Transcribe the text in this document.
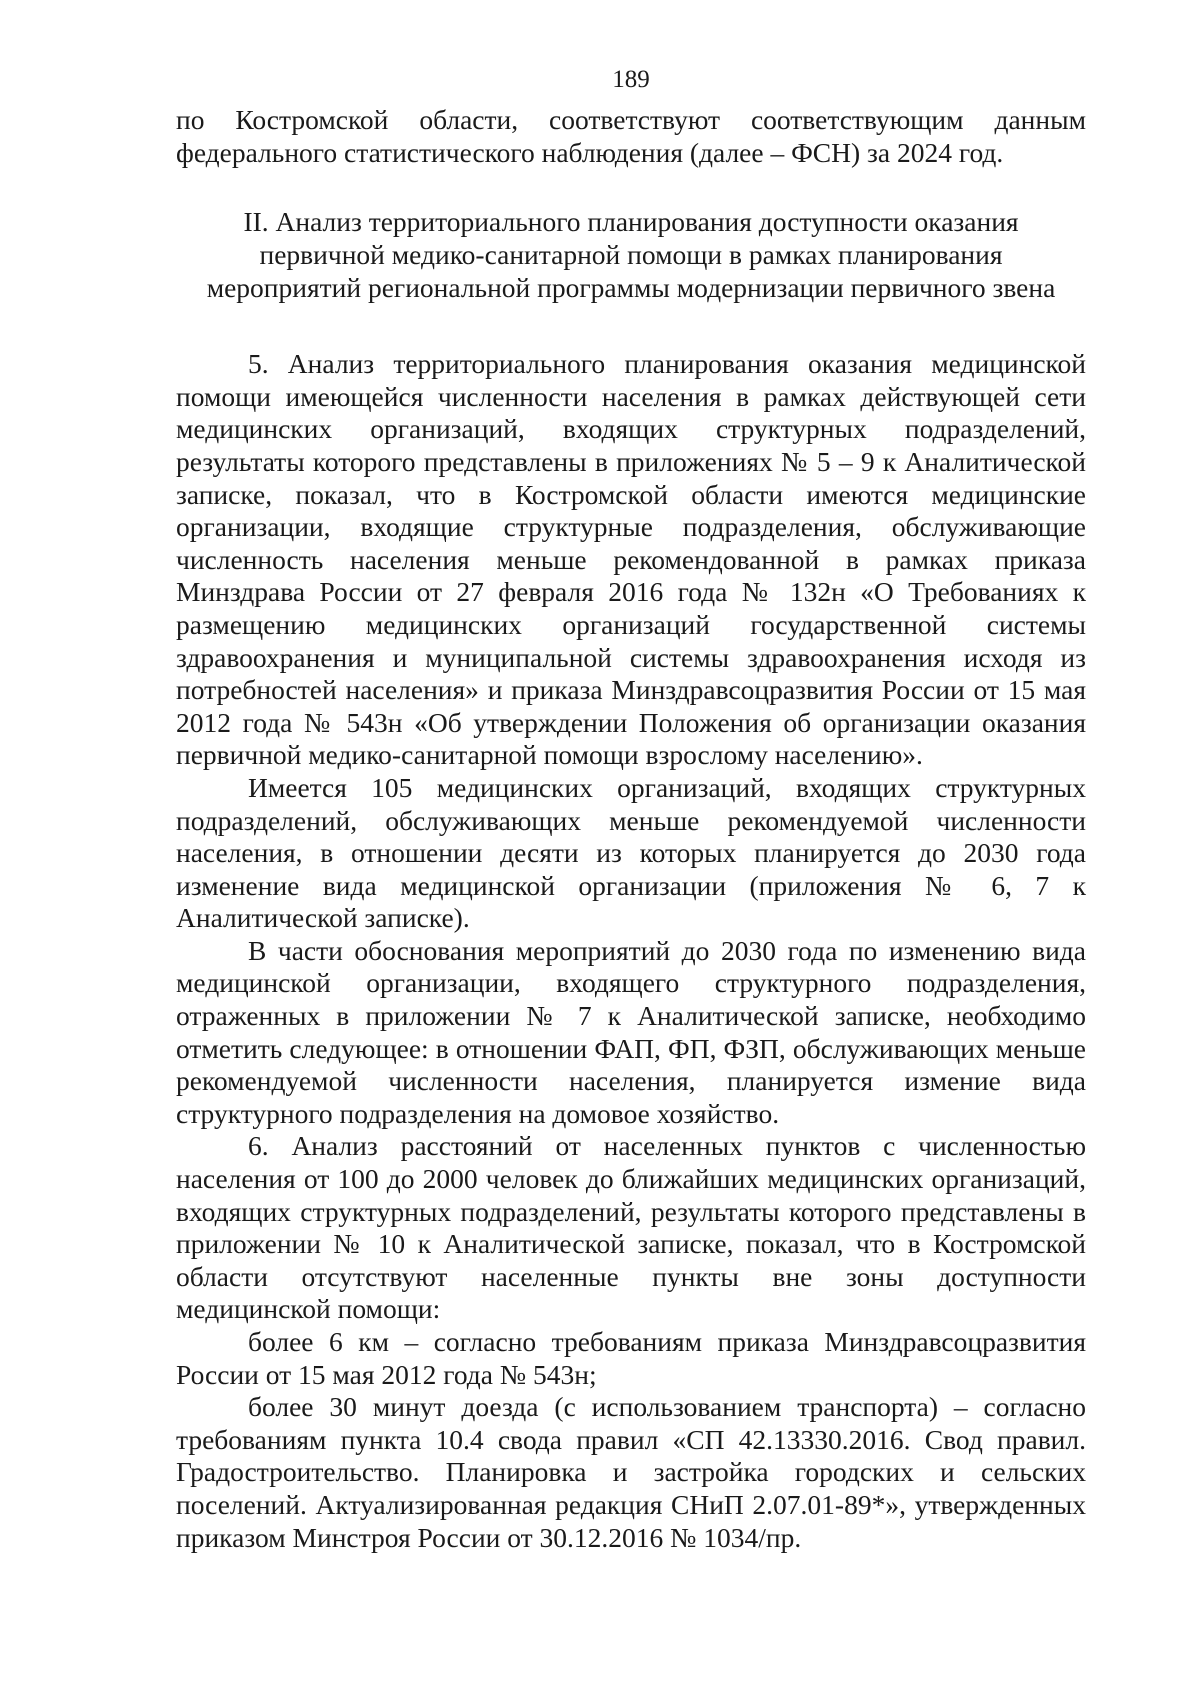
189

по Костромской области, соответствуют соответствующим данным федерального статистического наблюдения (далее – ФСН) за 2024 год.

II. Анализ территориального планирования доступности оказания
первичной медико-санитарной помощи в рамках планирования
мероприятий региональной программы модернизации первичного звена

5. Анализ территориального планирования оказания медицинской помощи имеющейся численности населения в рамках действующей сети медицинских организаций, входящих структурных подразделений, результаты которого представлены в приложениях № 5 – 9 к Аналитической записке, показал, что в Костромской области имеются медицинские организации, входящие структурные подразделения, обслуживающие численность населения меньше рекомендованной в рамках приказа Минздрава России от 27 февраля 2016 года № 132н «О Требованиях к размещению медицинских организаций государственной системы здравоохранения и муниципальной системы здравоохранения исходя из потребностей населения» и приказа Минздравсоцразвития России от 15 мая 2012 года № 543н «Об утверждении Положения об организации оказания первичной медико-санитарной помощи взрослому населению».

Имеется 105 медицинских организаций, входящих структурных подразделений, обслуживающих меньше рекомендуемой численности населения, в отношении десяти из которых планируется до 2030 года изменение вида медицинской организации (приложения № 6, 7 к Аналитической записке).

В части обоснования мероприятий до 2030 года по изменению вида медицинской организации, входящего структурного подразделения, отраженных в приложении № 7 к Аналитической записке, необходимо отметить следующее: в отношении ФАП, ФП, ФЗП, обслуживающих меньше рекомендуемой численности населения, планируется измение вида структурного подразделения на домовое хозяйство.

6. Анализ расстояний от населенных пунктов с численностью населения от 100 до 2000 человек до ближайших медицинских организаций, входящих структурных подразделений, результаты которого представлены в приложении № 10 к Аналитической записке, показал, что в Костромской области отсутствуют населенные пункты вне зоны доступности медицинской помощи:

более 6 км – согласно требованиям приказа Минздравсоцразвития России от 15 мая 2012 года № 543н;

более 30 минут доезда (с использованием транспорта) – согласно требованиям пункта 10.4 свода правил «СП 42.13330.2016. Свод правил. Градостроительство. Планировка и застройка городских и сельских поселений. Актуализированная редакция СНиП 2.07.01-89*», утвержденных приказом Минстроя России от 30.12.2016 № 1034/пр.
